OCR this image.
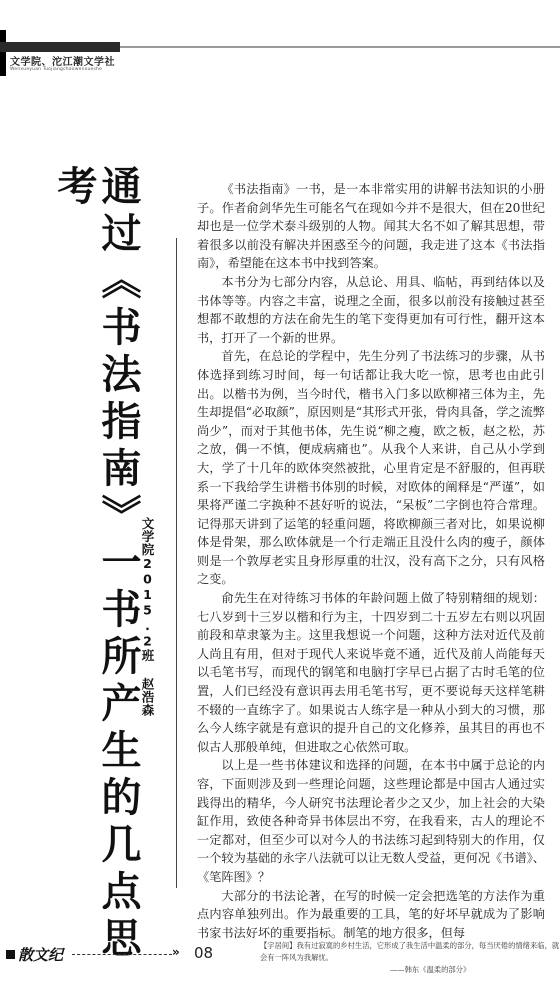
文学院、沱江潮文学社
Wenxueyuan Tuojiangchaowenxueshe
通过《书法指南》一书所产生的几点思考
文学院2015.2班 赵浩森

《书法指南》一书，是一本非常实用的讲解书法知识的小册子。作者俞剑华先生可能名气在现如今并不是很大，但在20世纪却也是一位学术泰斗级别的人物。闻其大名不如了解其思想，带着很多以前没有解决并困惑至今的问题，我走进了这本《书法指南》，希望能在这本书中找到答案。

本书分为七部分内容，从总论、用具、临帖，再到结体以及书体等等。内容之丰富，说理之全面，很多以前没有接触过甚至想都不敢想的方法在俞先生的笔下变得更加有可行性，翻开这本书，打开了一个新的世界。

首先，在总论的学程中，先生分列了书法练习的步骤，从书体选择到练习时间，每一句话都让我大吃一惊，思考也由此引出。以楷书为例，当今时代，楷书入门多以欧柳褚三体为主，先生却提倡“必取颜”，原因则是“其形式开张，骨肉具备，学之流弊尚少”，而对于其他书体，先生说“柳之瘦，欧之板，赵之松，苏之放，偶一不慎，便成病痛也”。从我个人来讲，自己从小学到大，学了十几年的欧体突然被批，心里肯定是不舒服的，但再联系一下我给学生讲楷书体别的时候，对欧体的阐释是“严谨”，如果将严谨二字换种不甚好听的说法，“呆板”二字倒也符合常理。记得那天讲到了运笔的轻重问题，将欧柳颜三者对比，如果说柳体是骨架，那么欧体就是一个行走端正且没什么肉的瘦子，颜体则是一个敦厚老实且身形厚重的壮汉，没有高下之分，只有风格之变。

俞先生在对待练习书体的年龄问题上做了特别精细的规划：七八岁到十三岁以楷和行为主，十四岁到二十五岁左右则以巩固前段和草隶篆为主。这里我想说一个问题，这种方法对近代及前人尚且有用，但对于现代人来说毕竟不通，近代及前人尚能每天以毛笔书写，而现代的钢笔和电脑打字早已占据了古时毛笔的位置，人们已经没有意识再去用毛笔书写，更不要说每天这样笔耕不辍的一直练字了。如果说古人练字是一种从小到大的习惯，那么今人练字就是有意识的提升自己的文化修养，虽其目的再也不似古人那般单纯，但进取之心依然可取。

以上是一些书体建议和选择的问题，在本书中属于总论的内容，下面则涉及到一些理论问题，这些理论都是中国古人通过实践得出的精华，今人研究书法理论者少之又少，加上社会的大染缸作用，致使各种奇异书体层出不穷，在我看来，古人的理论不一定都对，但至少可以对今人的书法练习起到特别大的作用，仅一个较为基础的永字八法就可以让无数人受益，更何况《书谱》、《笔阵图》？

大部分的书法论著，在写的时候一定会把选笔的方法作为重点内容单独列出。作为最重要的工具，笔的好坏早就成为了影响书家书法好坏的重要指标。制笔的地方很多，但每

散文纪	» 08	【字居间】我有过寂寞的乡村生活，它形成了我生活中温柔的部分，每当厌倦的情绪来临，就会有一阵风为我解忧。
——韩东《温柔的部分》
